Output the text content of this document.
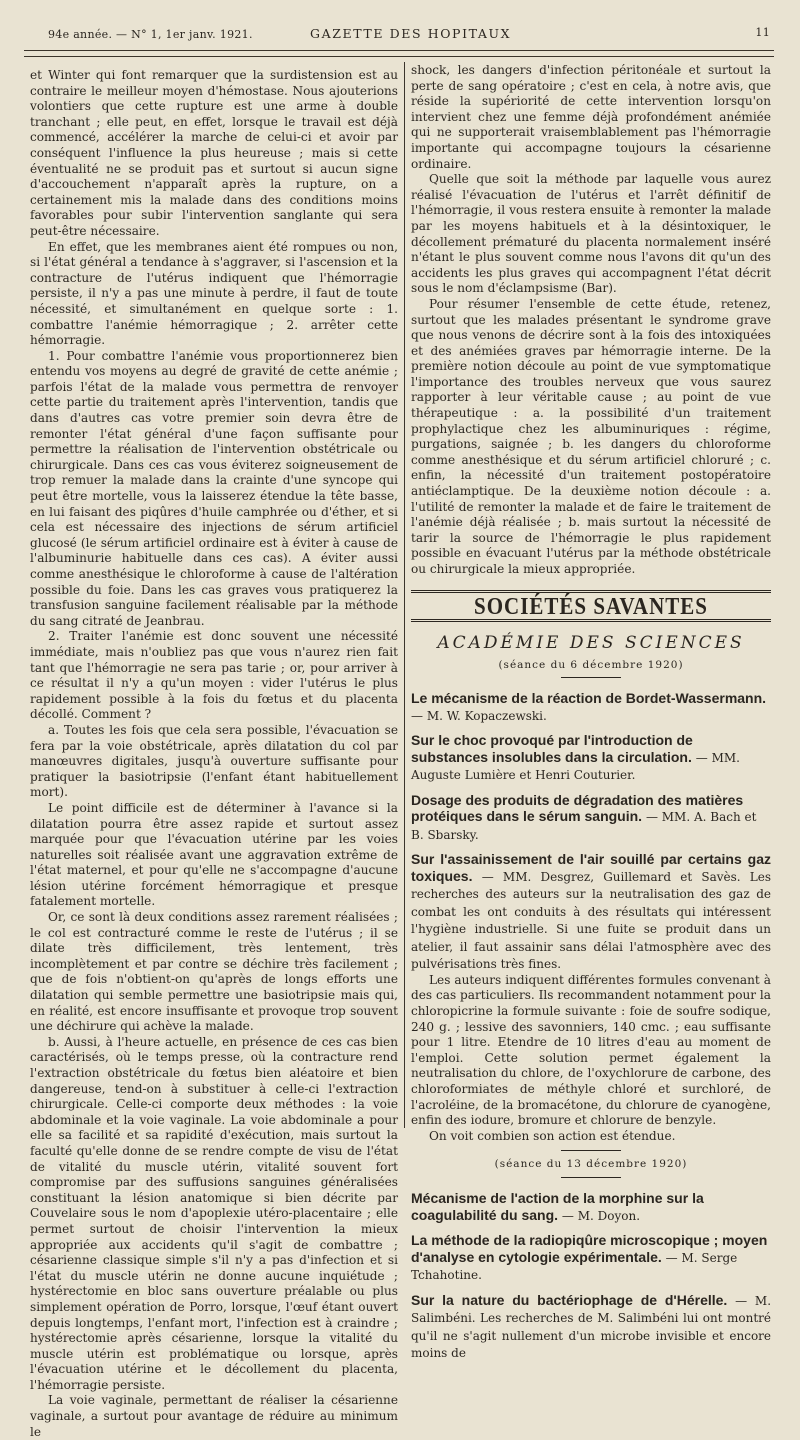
94e année. — N° 1, 1er janv. 1921.	GAZETTE DES HOPITAUX	11

et Winter qui font remarquer que la surdistension est au contraire le meilleur moyen d'hémostase. Nous ajouterions volontiers que cette rupture est une arme à double tranchant ; elle peut, en effet, lorsque le travail est déjà commencé, accélérer la marche de celui-ci et avoir par conséquent l'influence la plus heureuse ; mais si cette éventualité ne se produit pas et surtout si aucun signe d'accouchement n'apparaît après la rupture, on a certainement mis la malade dans des conditions moins favorables pour subir l'intervention sanglante qui sera peut-être nécessaire.

En effet, que les membranes aient été rompues ou non, si l'état général a tendance à s'aggraver, si l'ascension et la contracture de l'utérus indiquent que l'hémorragie persiste, il n'y a pas une minute à perdre, il faut de toute nécessité, et simultanément en quelque sorte : 1. combattre l'anémie hémorragique ; 2. arrêter cette hémorragie.

1. Pour combattre l'anémie vous proportionnerez bien entendu vos moyens au degré de gravité de cette anémie ; parfois l'état de la malade vous permettra de renvoyer cette partie du traitement après l'intervention, tandis que dans d'autres cas votre premier soin devra être de remonter l'état général d'une façon suffisante pour permettre la réalisation de l'intervention obstétricale ou chirurgicale. Dans ces cas vous éviterez soigneusement de trop remuer la malade dans la crainte d'une syncope qui peut être mortelle, vous la laisserez étendue la tête basse, en lui faisant des piqûres d'huile camphrée ou d'éther, et si cela est nécessaire des injections de sérum artificiel glucosé (le sérum artificiel ordinaire est à éviter à cause de l'albuminurie habituelle dans ces cas). A éviter aussi comme anesthésique le chloroforme à cause de l'altération possible du foie. Dans les cas graves vous pratiquerez la transfusion sanguine facilement réalisable par la méthode du sang citraté de Jeanbrau.

2. Traiter l'anémie est donc souvent une nécessité immédiate, mais n'oubliez pas que vous n'aurez rien fait tant que l'hémorragie ne sera pas tarie ; or, pour arriver à ce résultat il n'y a qu'un moyen : vider l'utérus le plus rapidement possible à la fois du fœtus et du placenta décollé. Comment ?

a. Toutes les fois que cela sera possible, l'évacuation se fera par la voie obstétricale, après dilatation du col par manœuvres digitales, jusqu'à ouverture suffisante pour pratiquer la basiotripsie (l'enfant étant habituellement mort).

Le point difficile est de déterminer à l'avance si la dilatation pourra être assez rapide et surtout assez marquée pour que l'évacuation utérine par les voies naturelles soit réalisée avant une aggravation extrême de l'état maternel, et pour qu'elle ne s'accompagne d'aucune lésion utérine forcément hémorragique et presque fatalement mortelle.

Or, ce sont là deux conditions assez rarement réalisées ; le col est contracturé comme le reste de l'utérus ; il se dilate très difficilement, très lentement, très incomplètement et par contre se déchire très facilement ; que de fois n'obtient-on qu'après de longs efforts une dilatation qui semble permettre une basiotripsie mais qui, en réalité, est encore insuffisante et provoque trop souvent une déchirure qui achève la malade.

b. Aussi, à l'heure actuelle, en présence de ces cas bien caractérisés, où le temps presse, où la contracture rend l'extraction obstétricale du fœtus bien aléatoire et bien dangereuse, tend-on à substituer à celle-ci l'extraction chirurgicale. Celle-ci comporte deux méthodes : la voie abdominale et la voie vaginale. La voie abdominale a pour elle sa facilité et sa rapidité d'exécution, mais surtout la faculté qu'elle donne de se rendre compte de visu de l'état de vitalité du muscle utérin, vitalité souvent fort compromise par des suffusions sanguines généralisées constituant la lésion anatomique si bien décrite par Couvelaire sous le nom d'apoplexie utéro-placentaire ; elle permet surtout de choisir l'intervention la mieux appropriée aux accidents qu'il s'agit de combattre ; césarienne classique simple s'il n'y a pas d'infection et si l'état du muscle utérin ne donne aucune inquiétude ; hystérectomie en bloc sans ouverture préalable ou plus simplement opération de Porro, lorsque, l'œuf étant ouvert depuis longtemps, l'enfant mort, l'infection est à craindre ; hystérectomie après césarienne, lorsque la vitalité du muscle utérin est problématique ou lorsque, après l'évacuation utérine et le décollement du placenta, l'hémorragie persiste.

La voie vaginale, permettant de réaliser la césarienne vaginale, a surtout pour avantage de réduire au minimum le

shock, les dangers d'infection péritonéale et surtout la perte de sang opératoire ; c'est en cela, à notre avis, que réside la supériorité de cette intervention lorsqu'on intervient chez une femme déjà profondément anémiée qui ne supporterait vraisemblablement pas l'hémorragie importante qui accompagne toujours la césarienne ordinaire.

Quelle que soit la méthode par laquelle vous aurez réalisé l'évacuation de l'utérus et l'arrêt définitif de l'hémorragie, il vous restera ensuite à remonter la malade par les moyens habituels et à la désintoxiquer, le décollement prématuré du placenta normalement inséré n'étant le plus souvent comme nous l'avons dit qu'un des accidents les plus graves qui accompagnent l'état décrit sous le nom d'éclampsisme (Bar).

Pour résumer l'ensemble de cette étude, retenez, surtout que les malades présentant le syndrome grave que nous venons de décrire sont à la fois des intoxiquées et des anémiées graves par hémorragie interne. De la première notion découle au point de vue symptomatique l'importance des troubles nerveux que vous saurez rapporter à leur véritable cause ; au point de vue thérapeutique : a. la possibilité d'un traitement prophylactique chez les albuminuriques : régime, purgations, saignée ; b. les dangers du chloroforme comme anesthésique et du sérum artificiel chloruré ; c. enfin, la nécessité d'un traitement postopératoire antiéclamptique. De la deuxième notion découle : a. l'utilité de remonter la malade et de faire le traitement de l'anémie déjà réalisée ; b. mais surtout la nécessité de tarir la source de l'hémorragie le plus rapidement possible en évacuant l'utérus par la méthode obstétricale ou chirurgicale la mieux appropriée.

SOCIÉTÉS SAVANTES
ACADÉMIE DES SCIENCES
(séance du 6 décembre 1920)
Le mécanisme de la réaction de Bordet-Wassermann. — M. W. Kopaczewski.
Sur le choc provoqué par l'introduction de substances insolubles dans la circulation. — MM. Auguste Lumière et Henri Couturier.
Dosage des produits de dégradation des matières protéiques dans le sérum sanguin. — MM. A. Bach et B. Sbarsky.
Sur l'assainissement de l'air souillé par certains gaz toxiques. — MM. Desgrez, Guillemard et Savès. Les recherches des auteurs sur la neutralisation des gaz de combat les ont conduits à des résultats qui intéressent l'hygiène industrielle. Si une fuite se produit dans un atelier, il faut assainir sans délai l'atmosphère avec des pulvérisations très fines.

Les auteurs indiquent différentes formules convenant à des cas particuliers. Ils recommandent notamment pour la chloropicrine la formule suivante : foie de soufre sodique, 240 g. ; lessive des savonniers, 140 cmc. ; eau suffisante pour 1 litre. Etendre de 10 litres d'eau au moment de l'emploi. Cette solution permet également la neutralisation du chlore, de l'oxychlorure de carbone, des chloroformiates de méthyle chloré et surchloré, de l'acroléine, de la bromacétone, du chlorure de cyanogène, enfin des iodure, bromure et chlorure de benzyle.

On voit combien son action est étendue.

(séance du 13 décembre 1920)
Mécanisme de l'action de la morphine sur la coagulabilité du sang. — M. Doyon.
La méthode de la radiopiqûre microscopique ; moyen d'analyse en cytologie expérimentale. — M. Serge Tchahotine.
Sur la nature du bactériophage de d'Hérelle. — M. Salimbéni. Les recherches de M. Salimbéni lui ont montré qu'il ne s'agit nullement d'un microbe invisible et encore moins de
